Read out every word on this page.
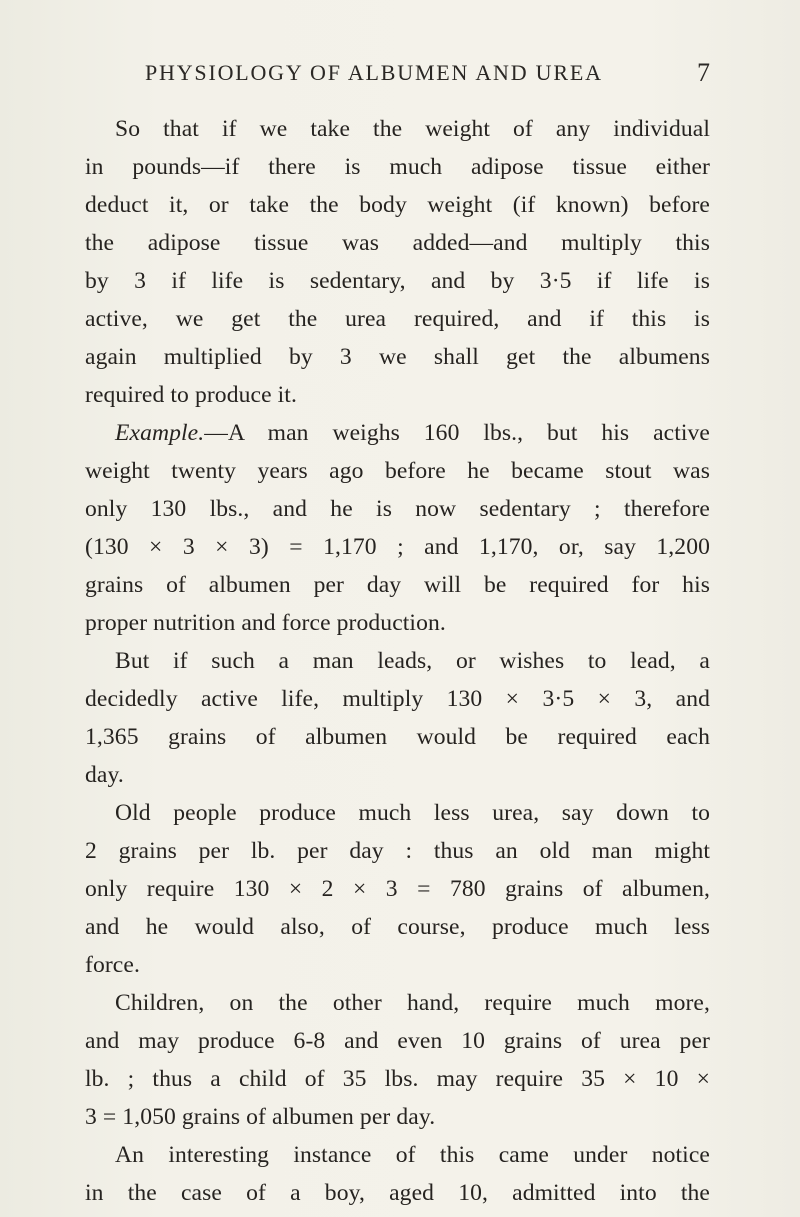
PHYSIOLOGY OF ALBUMEN AND UREA	7
So that if we take the weight of any individual
in pounds—if there is much adipose tissue either
deduct it, or take the body weight (if known) before
the adipose tissue was added—and multiply this
by 3 if life is sedentary, and by 3·5 if life is
active, we get the urea required, and if this is
again multiplied by 3 we shall get the albumens
required to produce it.
Example.—A man weighs 160 lbs., but his active
weight twenty years ago before he became stout was
only 130 lbs., and he is now sedentary ; therefore
(130 × 3 × 3) = 1,170 ; and 1,170, or, say 1,200
grains of albumen per day will be required for his
proper nutrition and force production.
But if such a man leads, or wishes to lead, a
decidedly active life, multiply 130 × 3·5 × 3, and
1,365 grains of albumen would be required each
day.
Old people produce much less urea, say down to
2 grains per lb. per day : thus an old man might
only require 130 × 2 × 3 = 780 grains of albumen,
and he would also, of course, produce much less
force.
Children, on the other hand, require much more,
and may produce 6-8 and even 10 grains of urea per
lb. ; thus a child of 35 lbs. may require 35 × 10 ×
3 = 1,050 grains of albumen per day.
An interesting instance of this came under notice
in the case of a boy, aged 10, admitted into the
